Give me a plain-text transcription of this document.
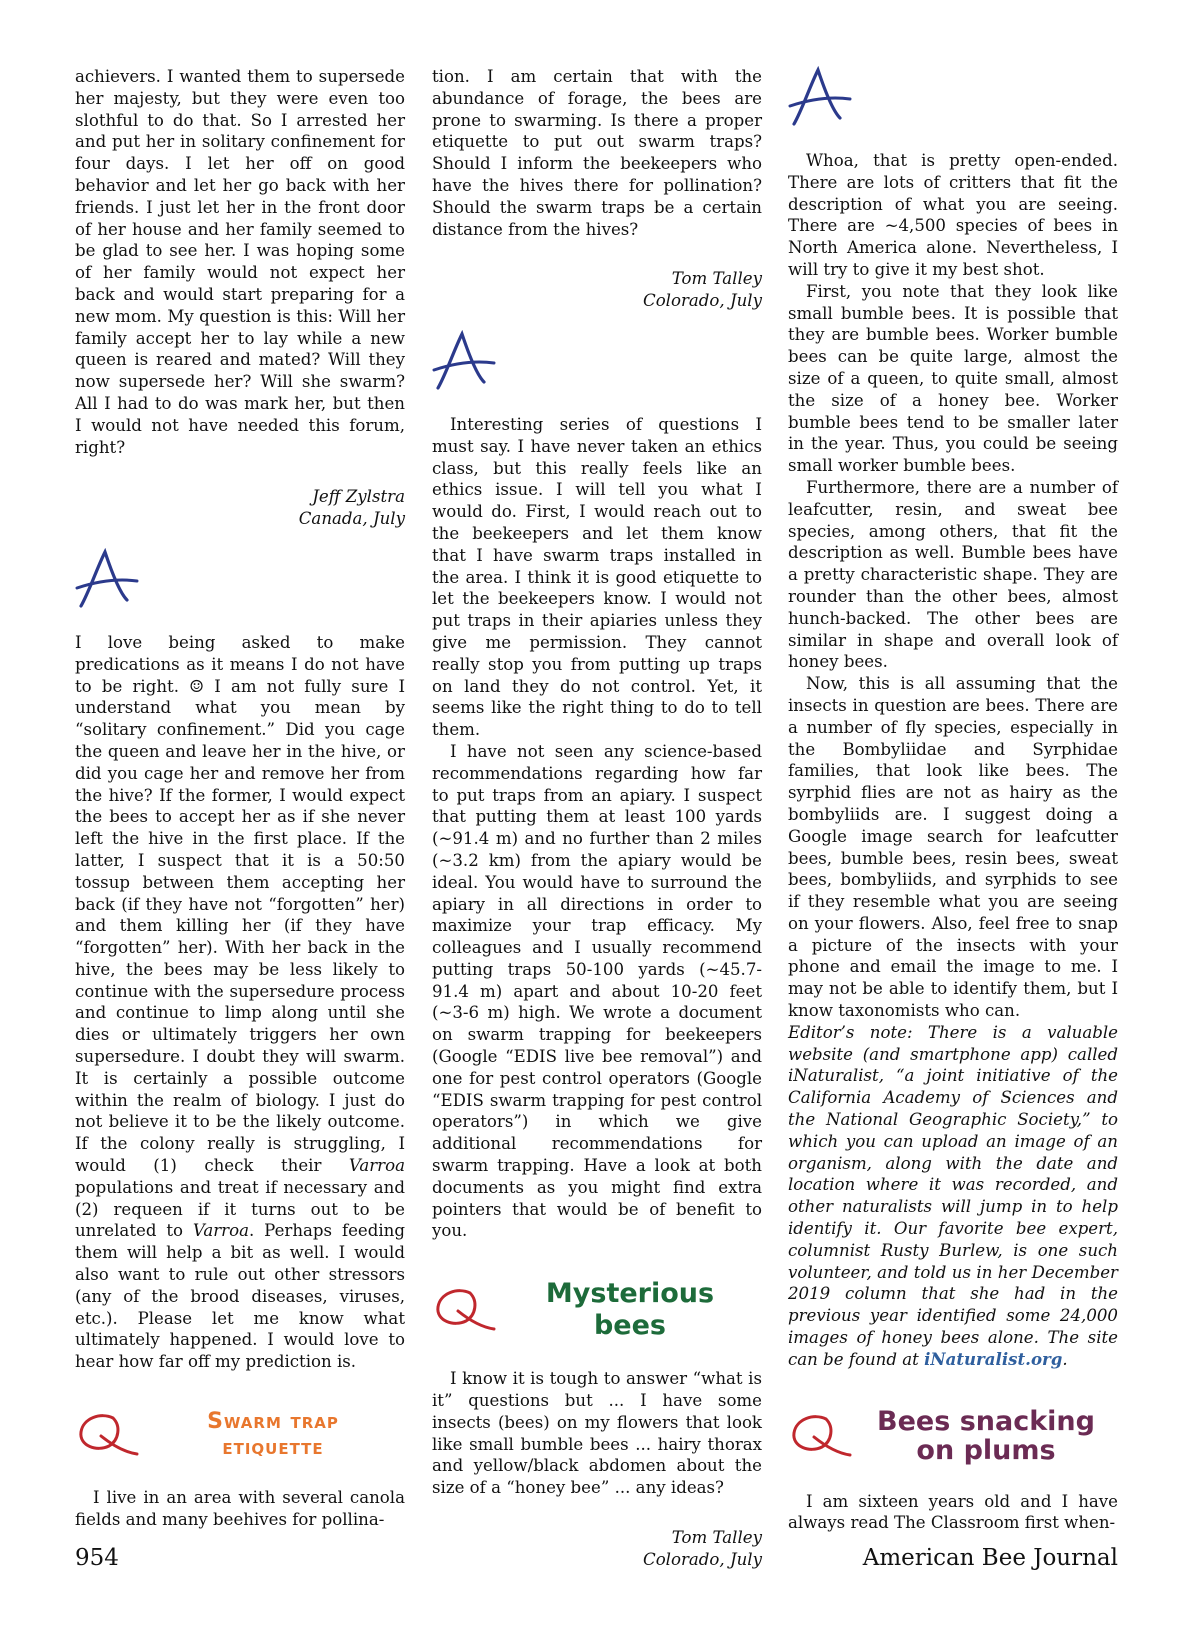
achievers. I wanted them to supersede her majesty, but they were even too slothful to do that. So I arrested her and put her in solitary confinement for four days. I let her off on good behavior and let her go back with her friends. I just let her in the front door of her house and her family seemed to be glad to see her. I was hoping some of her family would not expect her back and would start preparing for a new mom. My question is this: Will her family accept her to lay while a new queen is reared and mated? Will they now supersede her? Will she swarm? All I had to do was mark her, but then I would not have needed this forum, right?

Jeff Zylstra
Canada, July

I love being asked to make predications as it means I do not have to be right. ☺ I am not fully sure I understand what you mean by “solitary confinement.” Did you cage the queen and leave her in the hive, or did you cage her and remove her from the hive? If the former, I would expect the bees to accept her as if she never left the hive in the first place. If the latter, I suspect that it is a 50:50 tossup between them accepting her back (if they have not “forgotten” her) and them killing her (if they have “forgotten” her). With her back in the hive, the bees may be less likely to continue with the supersedure process and continue to limp along until she dies or ultimately triggers her own supersedure. I doubt they will swarm. It is certainly a possible outcome within the realm of biology. I just do not believe it to be the likely outcome. If the colony really is struggling, I would (1) check their Varroa populations and treat if necessary and (2) requeen if it turns out to be unrelated to Varroa. Perhaps feeding them will help a bit as well. I would also want to rule out other stressors (any of the brood diseases, viruses, etc.). Please let me know what ultimately happened. I would love to hear how far off my prediction is.

Swarm trap
etiquette

I live in an area with several canola fields and many beehives for pollina-

tion. I am certain that with the abundance of forage, the bees are prone to swarming. Is there a proper etiquette to put out swarm traps? Should I inform the beekeepers who have the hives there for pollination? Should the swarm traps be a certain distance from the hives?

Tom Talley
Colorado, July

Interesting series of questions I must say. I have never taken an ethics class, but this really feels like an ethics issue. I will tell you what I would do. First, I would reach out to the beekeepers and let them know that I have swarm traps installed in the area. I think it is good etiquette to let the beekeepers know. I would not put traps in their apiaries unless they give me permission. They cannot really stop you from putting up traps on land they do not control. Yet, it seems like the right thing to do to tell them.

I have not seen any science-based recommendations regarding how far to put traps from an apiary. I suspect that putting them at least 100 yards (~91.4 m) and no further than 2 miles (~3.2 km) from the apiary would be ideal. You would have to surround the apiary in all directions in order to maximize your trap efficacy. My colleagues and I usually recommend putting traps 50-100 yards (~45.7-91.4 m) apart and about 10-20 feet (~3-6 m) high. We wrote a document on swarm trapping for beekeepers (Google “EDIS live bee removal”) and one for pest control operators (Google “EDIS swarm trapping for pest control operators”) in which we give additional recommendations for swarm trapping. Have a look at both documents as you might find extra pointers that would be of benefit to you.

Mysterious
bees

I know it is tough to answer “what is it” questions but ... I have some insects (bees) on my flowers that look like small bumble bees ... hairy thorax and yellow/black abdomen about the size of a “honey bee” ... any ideas?

Tom Talley
Colorado, July

Whoa, that is pretty open-ended. There are lots of critters that fit the description of what you are seeing. There are ~4,500 species of bees in North America alone. Nevertheless, I will try to give it my best shot.

First, you note that they look like small bumble bees. It is possible that they are bumble bees. Worker bumble bees can be quite large, almost the size of a queen, to quite small, almost the size of a honey bee. Worker bumble bees tend to be smaller later in the year. Thus, you could be seeing small worker bumble bees.

Furthermore, there are a number of leafcutter, resin, and sweat bee species, among others, that fit the description as well. Bumble bees have a pretty characteristic shape. They are rounder than the other bees, almost hunch-backed. The other bees are similar in shape and overall look of honey bees.

Now, this is all assuming that the insects in question are bees. There are a number of fly species, especially in the Bombyliidae and Syrphidae families, that look like bees. The syrphid flies are not as hairy as the bombyliids are. I suggest doing a Google image search for leafcutter bees, bumble bees, resin bees, sweat bees, bombyliids, and syrphids to see if they resemble what you are seeing on your flowers. Also, feel free to snap a picture of the insects with your phone and email the image to me. I may not be able to identify them, but I know taxonomists who can.

Editor’s note: There is a valuable website (and smartphone app) called iNaturalist, “a joint initiative of the California Academy of Sciences and the National Geographic Society,” to which you can upload an image of an organism, along with the date and location where it was recorded, and other naturalists will jump in to help identify it. Our favorite bee expert, columnist Rusty Burlew, is one such volunteer, and told us in her December 2019 column that she had in the previous year identified some 24,000 images of honey bees alone. The site can be found at iNaturalist.org.

Bees snacking
on plums

I am sixteen years old and I have always read The Classroom first when-

954	American Bee Journal
